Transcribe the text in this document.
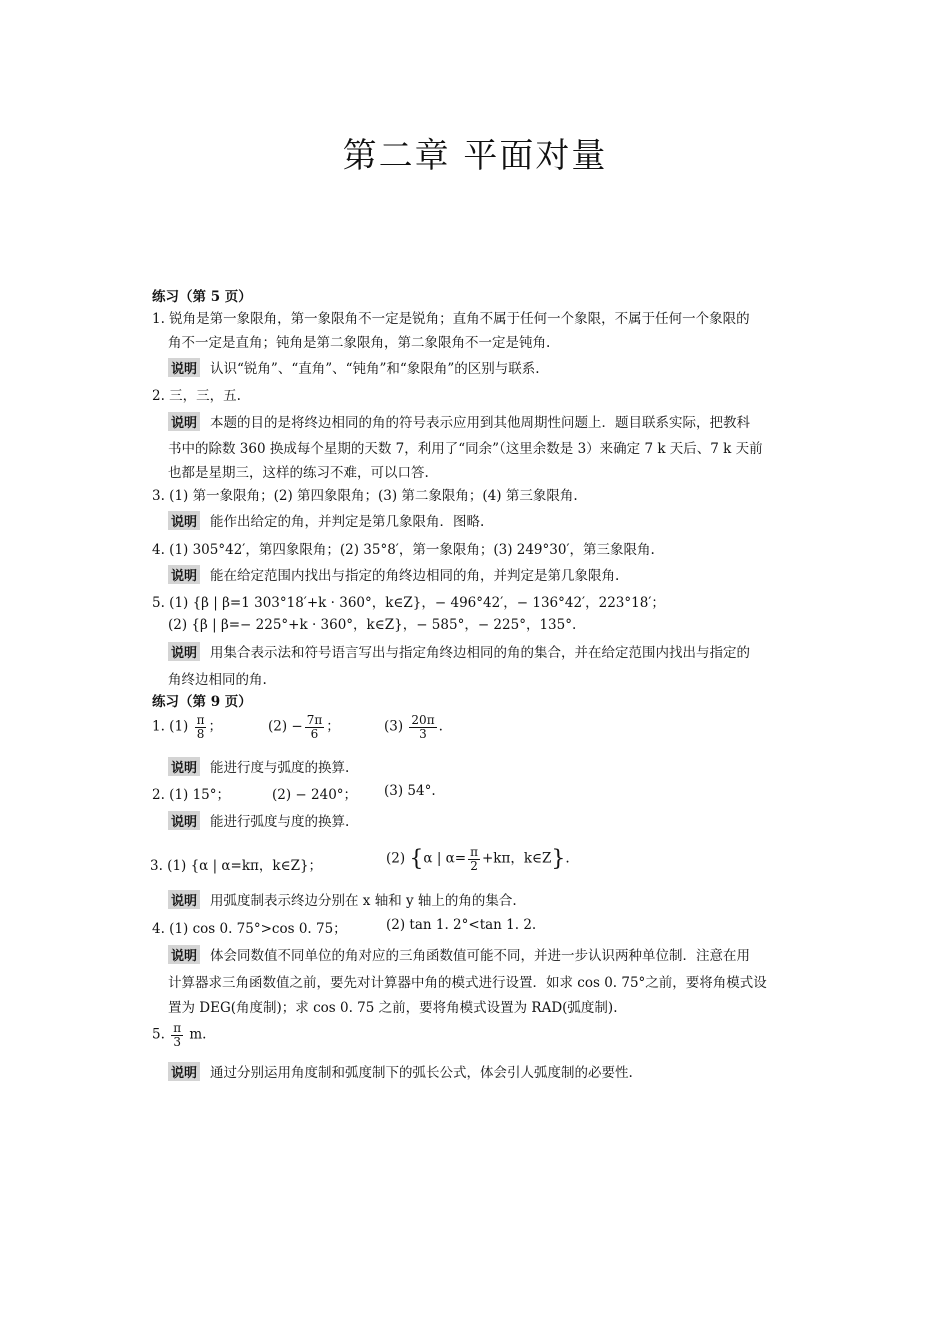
第二章 平面对量
练习（第 5 页）
1. 锐角是第一象限角，第一象限角不一定是锐角；直角不属于任何一个象限，不属于任何一个象限的
角不一定是直角；钝角是第二象限角，第二象限角不一定是钝角.
说明 认识“锐角”、“直角”、“钝角”和“象限角”的区别与联系.
2. 三，三，五.
说明 本题的目的是将终边相同的角的符号表示应用到其他周期性问题上．题目联系实际，把教科
书中的除数 360 换成每个星期的天数 7，利用了“同余”（这里余数是 3）来确定 7 k 天后、7 k 天前
也都是星期三，这样的练习不难，可以口答.
3. (1) 第一象限角；(2) 第四象限角；(3) 第二象限角；(4) 第三象限角.
说明 能作出给定的角，并判定是第几象限角．图略.
4. (1) 305°42′，第四象限角；(2) 35°8′，第一象限角；(3) 249°30′，第三象限角.
说明 能在给定范围内找出与指定的角终边相同的角，并判定是第几象限角.
5. (1) {β | β=1 303°18′+k · 360°，k∈Z}，− 496°42′，− 136°42′，223°18′；
(2) {β | β=− 225°+k · 360°，k∈Z}，− 585°，− 225°，135°.
说明 用集合表示法和符号语言写出与指定角终边相同的角的集合，并在给定范围内找出与指定的
角终边相同的角.
练习（第 9 页）
1. $(1) \frac{\pi}{8}$ ；	$(2) - \frac{7\pi}{6}$ ；	$(3) \frac{20\pi}{3}$ .
说明 能进行度与弧度的换算.
2. (1) 15°；	(2) − 240°； (3) 54°.
说明 能进行弧度与度的换算.
3. (1) {α | α=kπ，k∈Z}；	(2) {α | $\alpha= \frac{\pi}{2} +k\pi$，k∈Z}.
说明 用弧度制表示终边分别在 x 轴和 y 轴上的角的集合.
4. (1) cos 0. 75°>cos 0. 75；	(2) tan 1. 2°<tan 1. 2.
说明 体会同数值不同单位的角对应的三角函数值可能不同，并进一步认识两种单位制．注意在用
计算器求三角函数值之前，要先对计算器中角的模式进行设置．如求 cos 0. 75°之前，要将角模式设
置为 DEG(角度制)；求 cos 0. 75 之前，要将角模式设置为 RAD(弧度制).
5. $\frac{\pi}{3} m$.
说明 通过分别运用角度制和弧度制下的弧长公式，体会引人弧度制的必要性.
